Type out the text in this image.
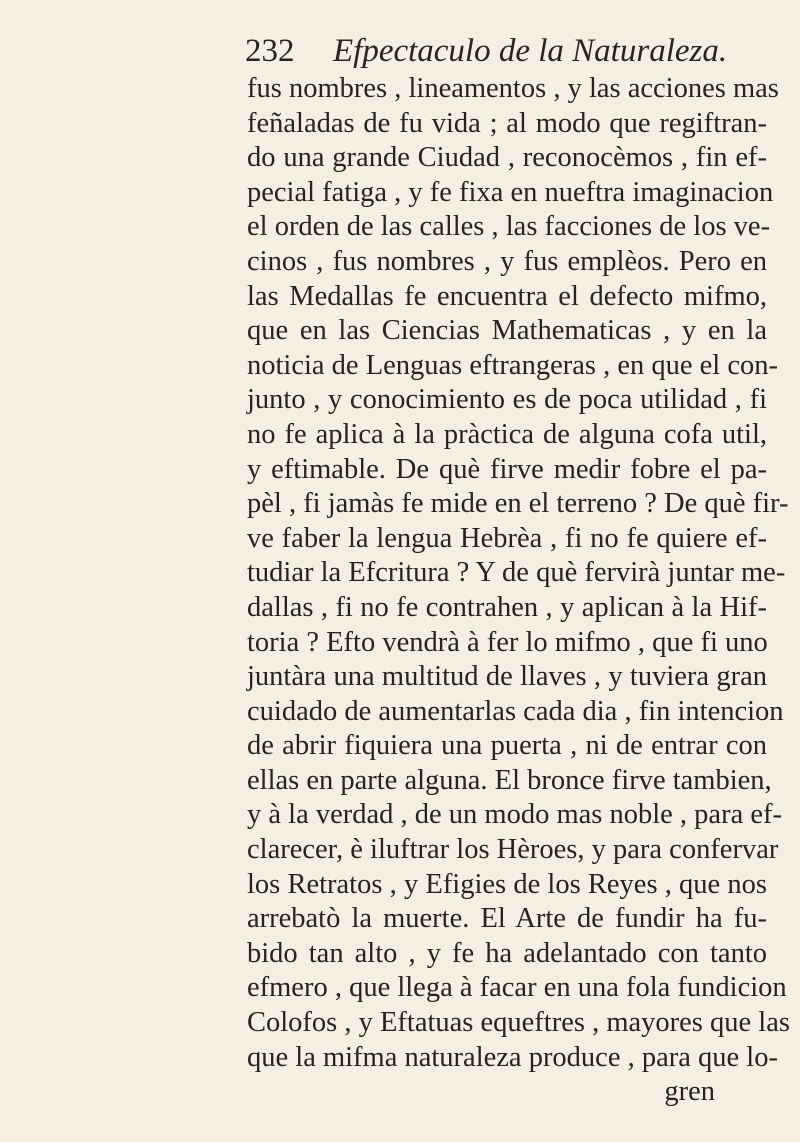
232 Efpectaculo de la Naturaleza.
fus nombres , lineamentos , y las acciones mas
feñaladas de fu vida ; al modo que regiftran-
do una grande Ciudad , reconocèmos , fin ef-
pecial fatiga , y fe fixa en nueftra imaginacion
el orden de las calles , las facciones de los ve-
cinos , fus nombres , y fus emplèos. Pero en
las Medallas fe encuentra el defecto mifmo,
que en las Ciencias Mathematicas , y en la
noticia de Lenguas eftrangeras , en que el con-
junto , y conocimiento es de poca utilidad , fi
no fe aplica à la pràctica de alguna cofa util,
y eftimable. De què firve medir fobre el pa-
pèl , fi jamàs fe mide en el terreno ? De què fir-
ve faber la lengua Hebrèa , fi no fe quiere ef-
tudiar la Efcritura ? Y de què fervirà juntar me-
dallas , fi no fe contrahen , y aplican à la Hif-
toria ? Efto vendrà à fer lo mifmo , que fi uno
juntàra una multitud de llaves , y tuviera gran
cuidado de aumentarlas cada dia , fin intencion
de abrir fiquiera una puerta , ni de entrar con
ellas en parte alguna. El bronce firve tambien,
y à la verdad , de un modo mas noble , para ef-
clarecer, è iluftrar los Hèroes, y para confervar
los Retratos , y Efigies de los Reyes , que nos
arrebatò la muerte. El Arte de fundir ha fu-
bido tan alto , y fe ha adelantado con tanto
efmero , que llega à facar en una fola fundicion
Colofos , y Eftatuas equeftres , mayores que las
que la mifma naturaleza produce , para que lo-
gren
